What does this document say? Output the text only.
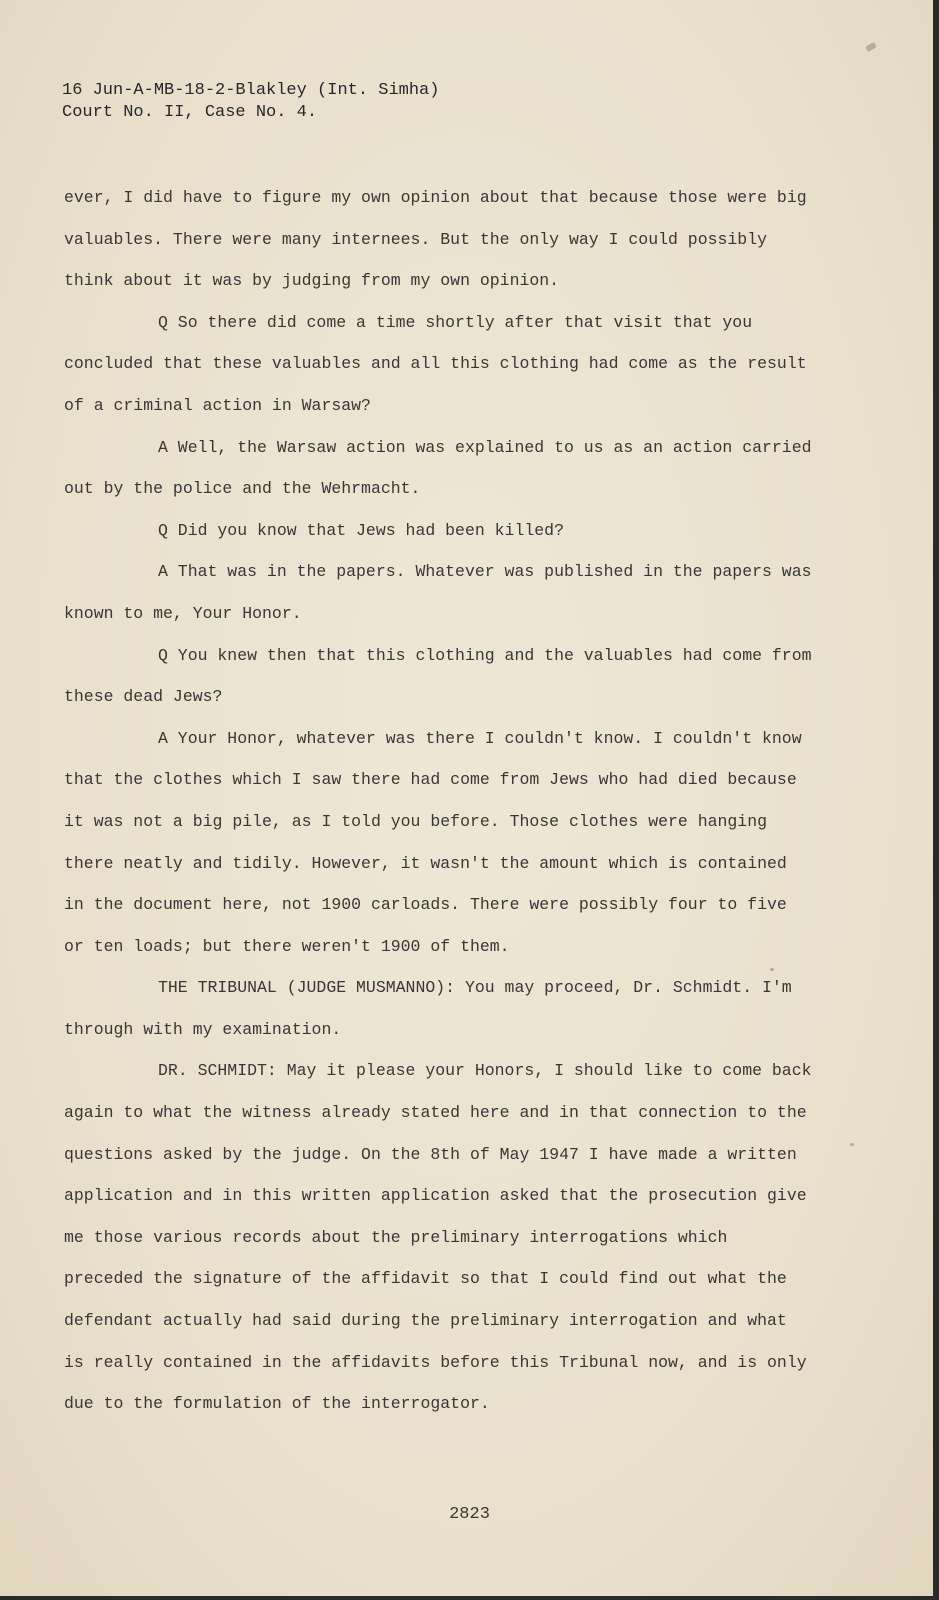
16 Jun-A-MB-18-2-Blakley (Int. Simha)
Court No. II, Case No. 4.

ever, I did have to figure my own opinion about that because those were big valuables. There were many internees. But the only way I could possibly think about it was by judging from my own opinion.

Q So there did come a time shortly after that visit that you concluded that these valuables and all this clothing had come as the result of a criminal action in Warsaw?

A Well, the Warsaw action was explained to us as an action carried out by the police and the Wehrmacht.

Q Did you know that Jews had been killed?

A That was in the papers. Whatever was published in the papers was known to me, Your Honor.

Q You knew then that this clothing and the valuables had come from these dead Jews?

A Your Honor, whatever was there I couldn't know. I couldn't know that the clothes which I saw there had come from Jews who had died because it was not a big pile, as I told you before. Those clothes were hanging there neatly and tidily. However, it wasn't the amount which is contained in the document here, not 1900 carloads. There were possibly four to five or ten loads; but there weren't 1900 of them.

THE TRIBUNAL (JUDGE MUSMANNO): You may proceed, Dr. Schmidt. I'm through with my examination.

DR. SCHMIDT: May it please your Honors, I should like to come back again to what the witness already stated here and in that connection to the questions asked by the judge. On the 8th of May 1947 I have made a written application and in this written application asked that the prosecution give me those various records about the preliminary interrogations which preceded the signature of the affidavit so that I could find out what the defendant actually had said during the preliminary interrogation and what is really contained in the affidavits before this Tribunal now, and is only due to the formulation of the interrogator.

2823
